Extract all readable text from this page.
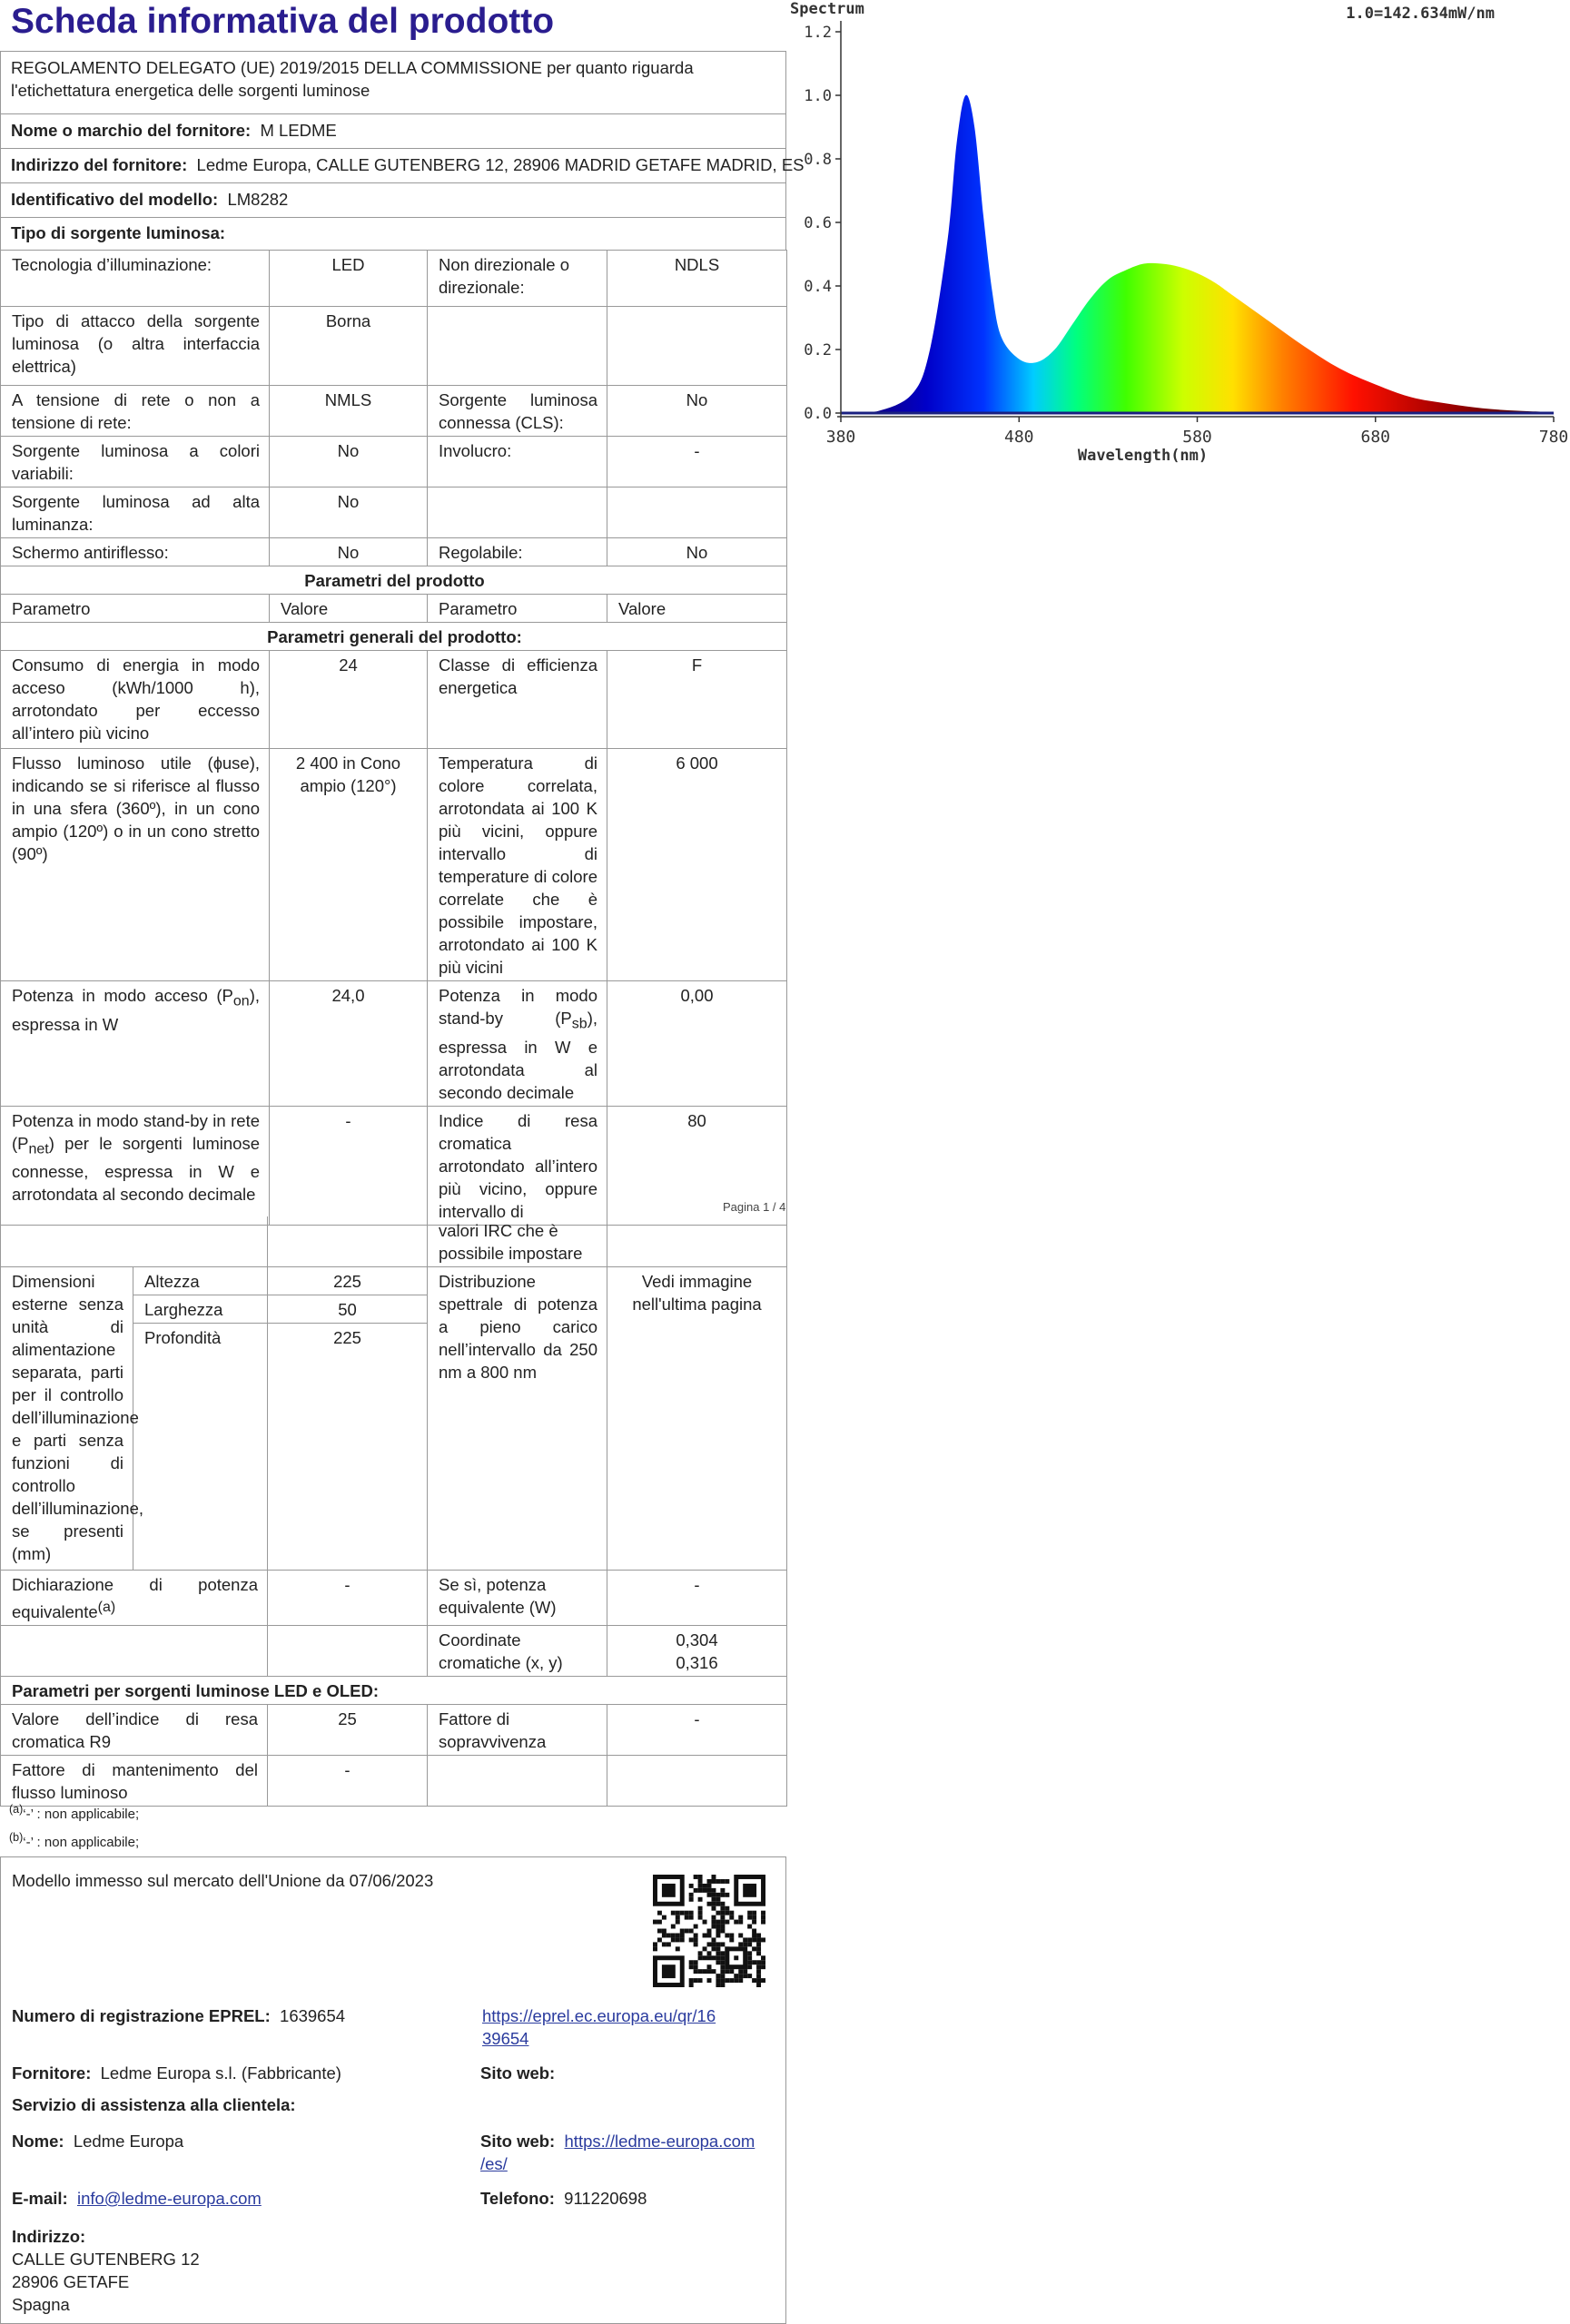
Scheda informativa del prodotto
REGOLAMENTO DELEGATO (UE) 2019/2015 DELLA COMMISSIONE per quanto riguarda l'etichettatura energetica delle sorgenti luminose
Nome o marchio del fornitore: M LEDME
Indirizzo del fornitore: Ledme Europa, CALLE GUTENBERG 12, 28906 MADRID GETAFE MADRID, ES
Identificativo del modello: LM8282
Tipo di sorgente luminosa:
Tecnologia d’illuminazione:	LED	Non direzionale o direzionale:	NDLS
Tipo di attacco della sorgente luminosa (o altra interfaccia elettrica)	Borna		
A tensione di rete o non a tensione di rete:	NMLS	Sorgente luminosa connessa (CLS):	No
Sorgente luminosa a colori variabili:	No	Involucro:	-
Sorgente luminosa ad alta luminanza:	No		
Schermo antiriflesso:	No	Regolabile:	No
Parametri del prodotto			
Parametro	Valore	Parametro	Valore
Parametri generali del prodotto:			
Consumo di energia in modo acceso (kWh/1000 h), arrotondato per eccesso all’intero più vicino	24	Classe di efficienza energetica	F
Flusso luminoso utile (ɸuse), indicando se si riferisce al flusso in una sfera (360º), in un cono ampio (120º) o in un cono stretto (90º)	2 400 in Cono ampio (120°)	Temperatura di colore correlata, arrotondata ai 100 K più vicini, oppure intervallo di temperature di colore correlate che è possibile impostare, arrotondato ai 100 K più vicini	6 000
Potenza in modo acceso $(P_{on})$, espressa in W	24,0	Potenza in modo stand-by $(P_{sb})$, espressa in W e arrotondata al secondo decimale	0,00
Potenza in modo stand-by in rete $(P_{net})$ per le sorgenti luminose connesse, espressa in W e arrotondata al secondo decimale	-	Indice di resa cromatica arrotondato all’intero più vicino, oppure intervallo di	80
Pagina 1 / 4
			valori IRC che è possibile impostare	
Dimensioni esterne senza unità di alimentazione separata, parti per il controllo dell’illuminazione e parti senza funzioni di controllo dell’illuminazione, se presenti (mm)	Altezza	225	Distribuzione spettrale di potenza a pieno carico nell’intervallo da 250 nm a 800 nm	Vedi immagine nell'ultima pagina
	Larghezza	50		
	Profondità	225		
Dichiarazione di potenza equivalente$^{(a)}$		-	Se sì, potenza equivalente (W)	-
			Coordinate cromatiche (x, y)	0,304
0,316
Parametri per sorgenti luminose LED e OLED:				
Valore dell’indice di resa cromatica R9		25	Fattore di sopravvivenza	-
Fattore di mantenimento del flusso luminoso		-		
$^{(a)}$‘-’ : non applicabile;
$^{(b)}$‘-’ : non applicabile;
Modello immesso sul mercato dell'Unione da 07/06/2023
Numero di registrazione EPREL: 1639654	https://eprel.ec.europa.eu/qr/16
39654
Fornitore: Ledme Europa s.l. (Fabbricante)	Sito web:
Servizio di assistenza alla clientela:
Nome: Ledme Europa	Sito web: https://ledme-europa.com
/es/
E-mail: info@ledme-europa.com	Telefono: 911220698
Indirizzo:
CALLE GUTENBERG 12
28906 GETAFE
Spagna
0.0
0.2
0.4
0.6
0.8
1.0
1.2
380	480	580	680	780
Spectrum	1.0=142.634mW/nm
Wavelength(nm)
